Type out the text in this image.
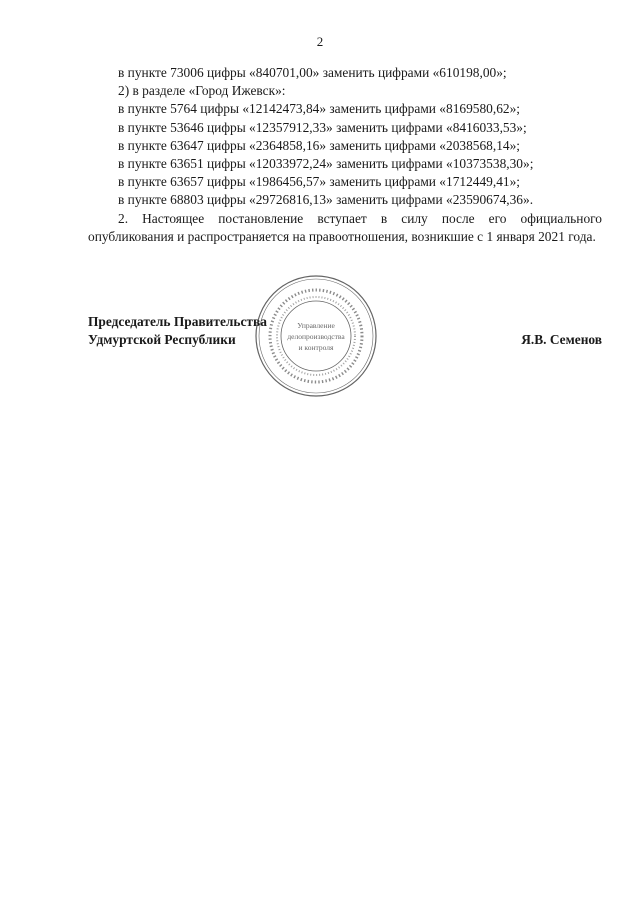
2
в пункте 73006 цифры «840701,00» заменить цифрами «610198,00»;
2) в разделе «Город Ижевск»:
в пункте 5764 цифры «12142473,84» заменить цифрами «8169580,62»;
в пункте 53646 цифры «12357912,33» заменить цифрами «8416033,53»;
в пункте 63647 цифры «2364858,16» заменить цифрами «2038568,14»;
в пункте 63651 цифры «12033972,24» заменить цифрами «10373538,30»;
в пункте 63657 цифры «1986456,57» заменить цифрами «1712449,41»;
в пункте 68803 цифры «29726816,13» заменить цифрами «23590674,36».
2. Настоящее постановление вступает в силу после его официального опубликования и распространяется на правоотношения, возникшие с 1 января 2021 года.
Председатель Правительства
Удмуртской Республики	Я.В. Семенов
Управление
делопроизводства
и контроля
